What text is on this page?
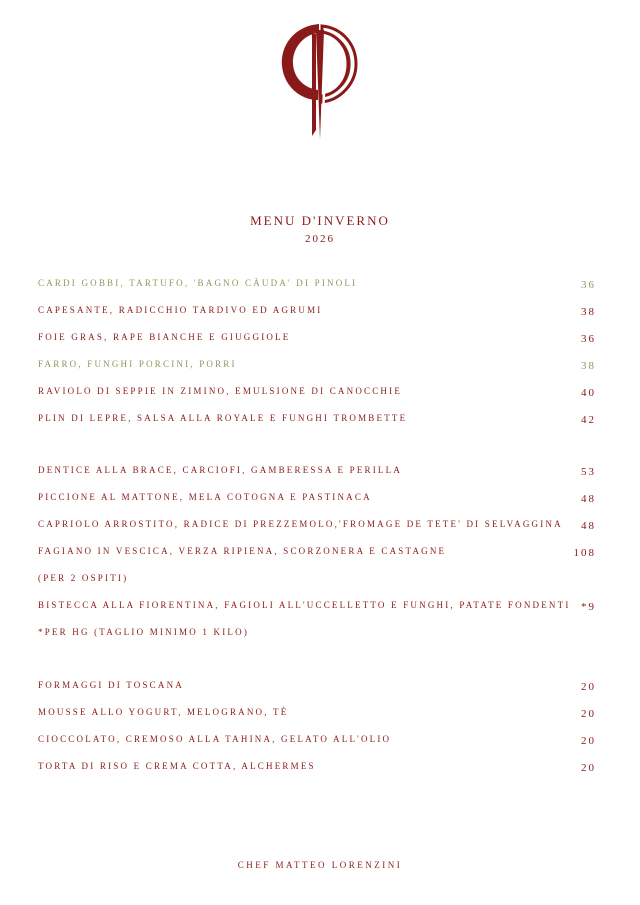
MENU D'INVERNO
2026
CARDI GOBBI, TARTUFO, 'BAGNO CÀUDA' DI PINOLI	36
CAPESANTE, RADICCHIO TARDIVO ED AGRUMI	38
FOIE GRAS, RAPE BIANCHE E GIUGGIOLE	36
FARRO, FUNGHI PORCINI, PORRI	38
RAVIOLO DI SEPPIE IN ZIMINO, EMULSIONE DI CANOCCHIE	40
PLIN DI LEPRE, SALSA ALLA ROYALE E FUNGHI TROMBETTE	42
DENTICE ALLA BRACE, CARCIOFI, GAMBERESSA E PERILLA	53
PICCIONE AL MATTONE, MELA COTOGNA E PASTINACA	48
CAPRIOLO ARROSTITO, RADICE DI PREZZEMOLO,'FROMAGE DE TETE' DI SELVAGGINA 48
FAGIANO IN VESCICA, VERZA RIPIENA, SCORZONERA E CASTAGNE	108
(PER 2 OSPITI)
BISTECCA ALLA FIORENTINA, FAGIOLI ALL'UCCELLETTO E FUNGHI, PATATE FONDENTI *9
*PER HG (TAGLIO MINIMO 1 KILO)
FORMAGGI DI TOSCANA	20
MOUSSE ALLO YOGURT, MELOGRANO, TÈ	20
CIOCCOLATO, CREMOSO ALLA TAHINA, GELATO ALL'OLIO	20
TORTA DI RISO E CREMA COTTA, ALCHERMES	20
CHEF MATTEO LORENZINI
